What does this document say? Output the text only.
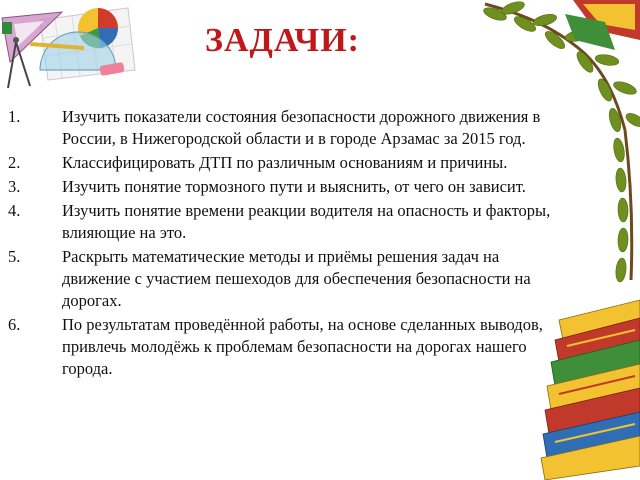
ЗАДАЧИ:
1.	Изучить показатели состояния безопасности дорожного движения в России, в Нижегородской области и в городе Арзамас за 2015 год.
2.	Классифицировать ДТП по различным основаниям и причины.
3.	Изучить понятие тормозного пути и выяснить, от чего он зависит.
4.	Изучить понятие времени реакции водителя на опасность и факторы, влияющие на это.
5.	Раскрыть математические методы и приёмы решения задач на движение с участием пешеходов для обеспечения безопасности на дорогах.
6.	По результатам проведённой работы, на основе сделанных выводов, привлечь молодёжь к проблемам безопасности на дорогах нашего города.
